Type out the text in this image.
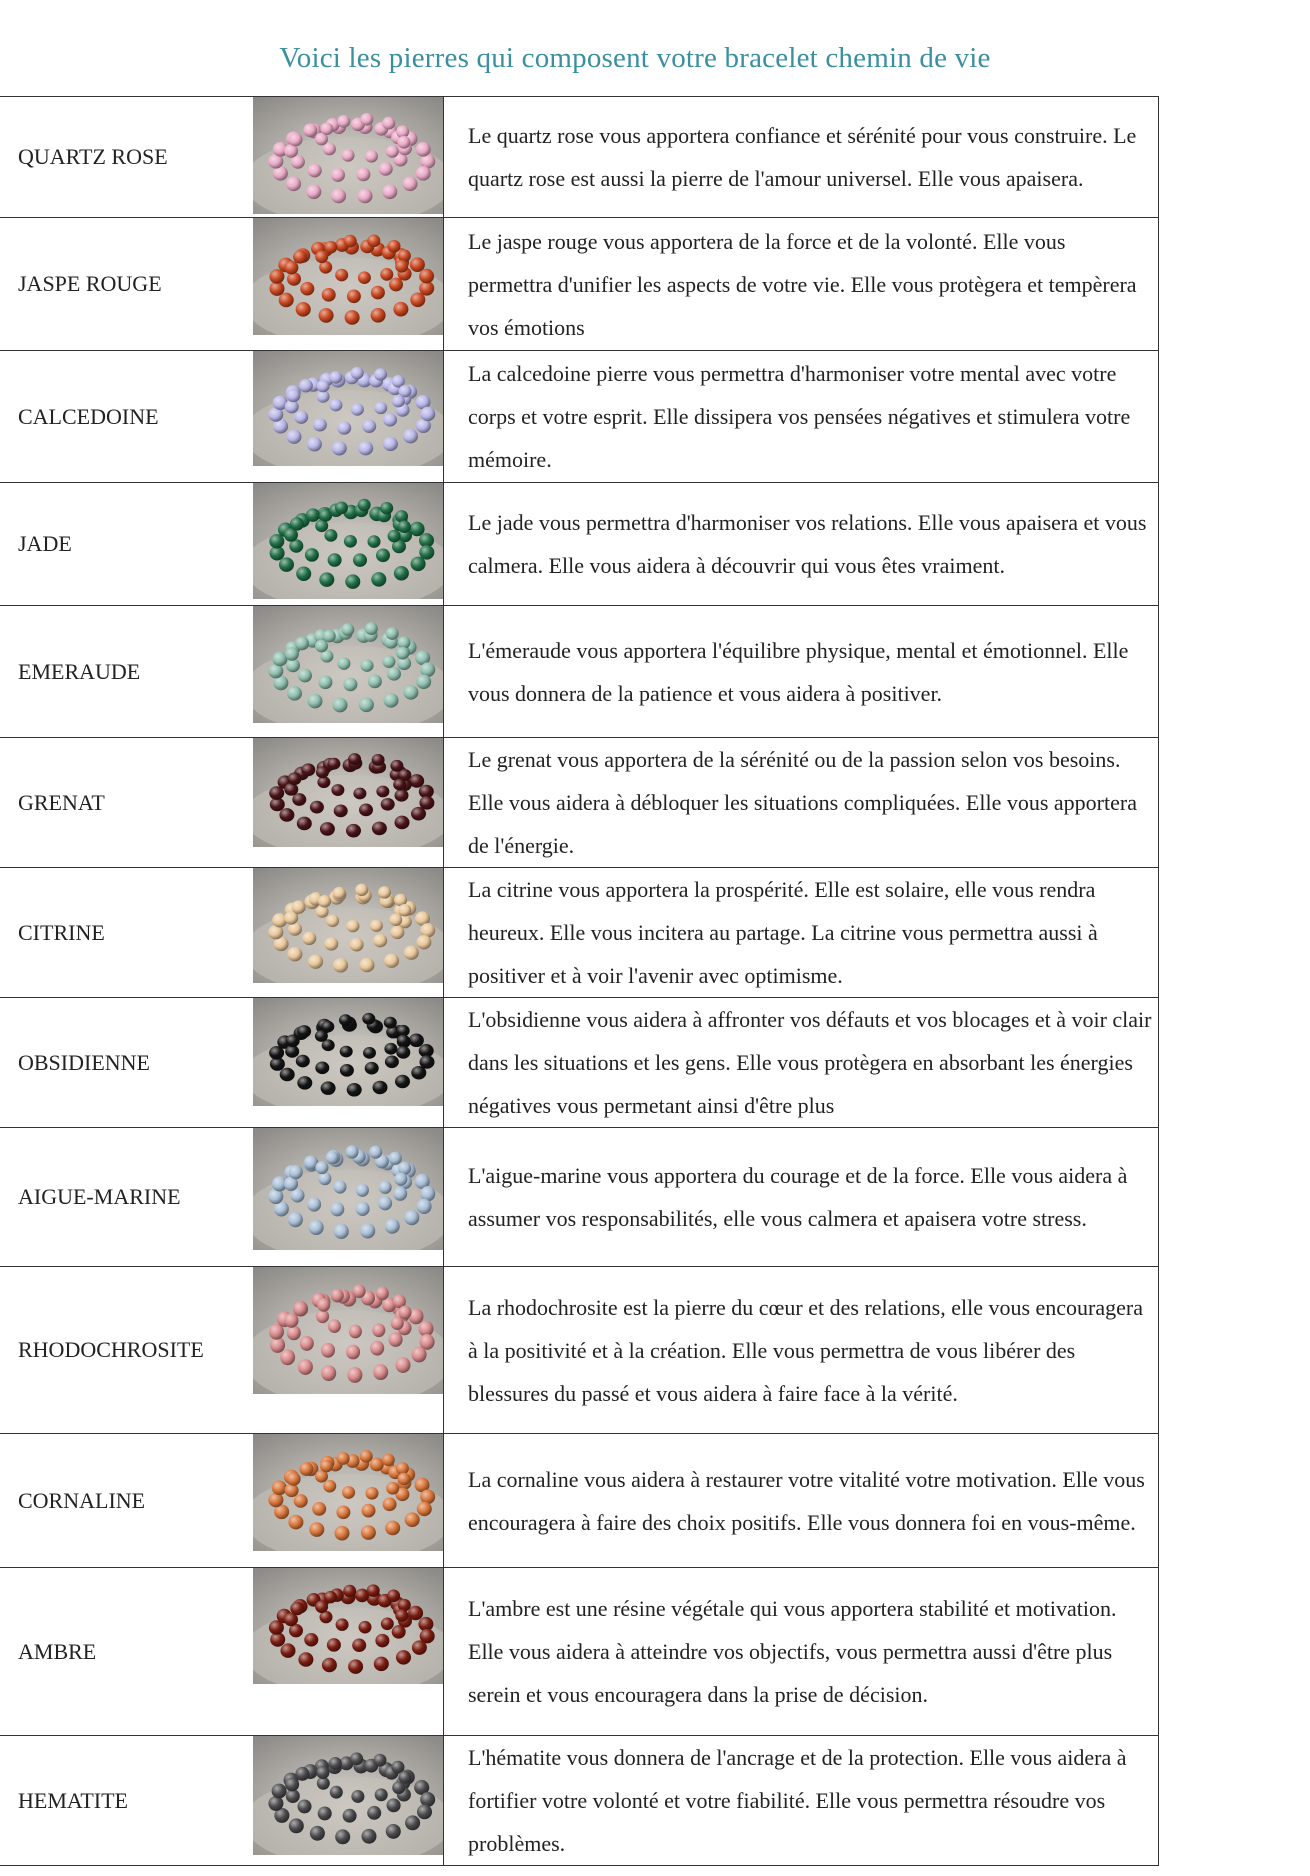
Voici les pierres qui composent votre bracelet chemin de vie
QUARTZ ROSE		Le quartz rose vous apportera confiance et sérénité pour vous construire. Le quartz rose est aussi la pierre de l'amour universel. Elle vous apaisera.
JASPE ROUGE		Le jaspe rouge vous apportera de la force et de la volonté. Elle vous permettra d'unifier les aspects de votre vie. Elle vous protègera et tempèrera vos émotions
CALCEDOINE		La calcedoine pierre vous permettra d'harmoniser votre mental avec votre corps et votre esprit. Elle dissipera vos pensées négatives et stimulera votre mémoire.
JADE		Le jade vous permettra d'harmoniser vos relations. Elle vous apaisera et vous calmera. Elle vous aidera à découvrir qui vous êtes vraiment.
EMERAUDE		L'émeraude vous apportera l'équilibre physique, mental et émotionnel. Elle vous donnera de la patience et vous aidera à positiver.
GRENAT		Le grenat vous apportera de la sérénité ou de la passion selon vos besoins. Elle vous aidera à débloquer les situations compliquées. Elle vous apportera de l'énergie.
CITRINE		La citrine vous apportera la prospérité. Elle est solaire, elle vous rendra heureux. Elle vous incitera au partage. La citrine vous permettra aussi à positiver et à voir l'avenir avec optimisme.
OBSIDIENNE		L'obsidienne vous aidera à affronter vos défauts et vos blocages et à voir clair dans les situations et les gens. Elle vous protègera en absorbant les énergies négatives vous permetant ainsi d'être plus
AIGUE-MARINE		L'aigue-marine vous apportera du courage et de la force. Elle vous aidera à assumer vos responsabilités, elle vous calmera et apaisera votre stress.
RHODOCHROSITE		La rhodochrosite est la pierre du cœur et des relations, elle vous encouragera à la positivité et à la création. Elle vous permettra de vous libérer des blessures du passé et vous aidera à faire face à la vérité.
CORNALINE		La cornaline vous aidera à restaurer votre vitalité votre motivation. Elle vous encouragera à faire des choix positifs. Elle vous donnera foi en vous-même.
AMBRE		L'ambre est une résine végétale qui vous apportera stabilité et motivation. Elle vous aidera à atteindre vos objectifs, vous permettra aussi d'être plus serein et vous encouragera dans la prise de décision.
HEMATITE		L'hématite vous donnera de l'ancrage et de la protection. Elle vous aidera à fortifier votre volonté et votre fiabilité. Elle vous permettra résoudre vos problèmes.
